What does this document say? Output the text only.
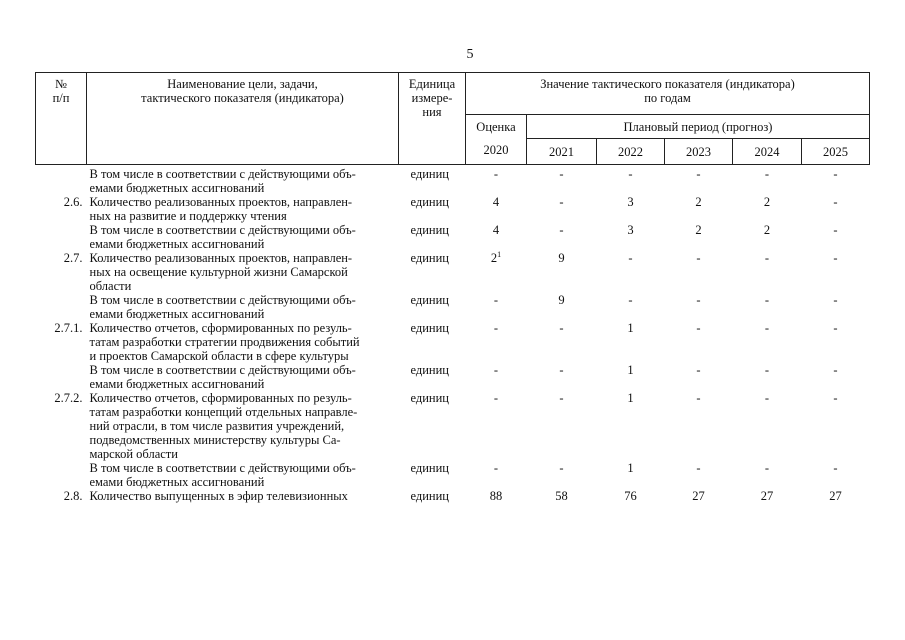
5
№
п/п	Наименование цели, задачи,
тактического показателя (индикатора)	Единица
измере-
ния	Значение тактического показателя (индикатора)
по годам					

			Оценка
2020	Плановый период (прогноз)				
				2021	2022	2023	2024	2025
	В том числе в соответствии с действующими объ-
емами бюджетных ассигнований	единиц	-	-	-	-	-	-
2.6.	Количество реализованных проектов, направлен-
ных на развитие и поддержку чтения	единиц	4	-	3	2	2	-
	В том числе в соответствии с действующими объ-
емами бюджетных ассигнований	единиц	4	-	3	2	2	-
2.7.	Количество реализованных проектов, направлен-
ных на освещение культурной жизни Самарской
области	единиц	$2^1$	9	-	-	-	-
	В том числе в соответствии с действующими объ-
емами бюджетных ассигнований	единиц	-	9	-	-	-	-
2.7.1.	Количество отчетов, сформированных по резуль-
татам разработки стратегии продвижения событий
и проектов Самарской области в сфере культуры	единиц	-	-	1	-	-	-
	В том числе в соответствии с действующими объ-
емами бюджетных ассигнований	единиц	-	-	1	-	-	-
2.7.2.	Количество отчетов, сформированных по резуль-
татам разработки концепций отдельных направле-
ний отрасли, в том числе развития учреждений,
подведомственных министерству культуры Са-
марской области	единиц	-	-	1	-	-	-
	В том числе в соответствии с действующими объ-
емами бюджетных ассигнований	единиц	-	-	1	-	-	-
2.8.	Количество выпущенных в эфир телевизионных	единиц	88	58	76	27	27	27
